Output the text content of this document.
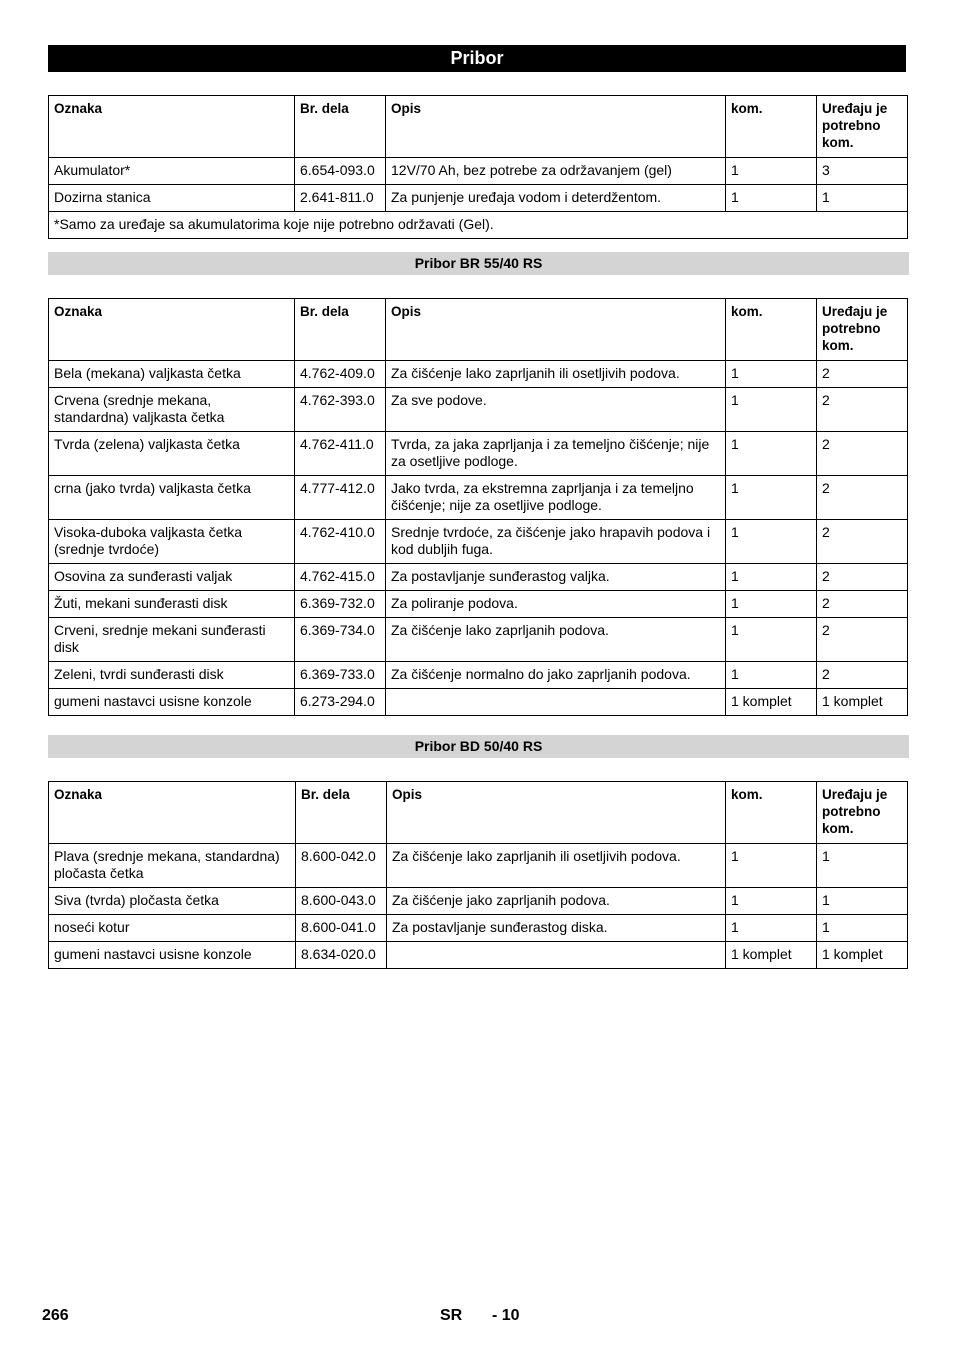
Pribor
Oznaka	Br. dela	Opis	kom.	Uređaju je potrebno kom.
Akumulator*	6.654-093.0	12V/70 Ah, bez potrebe za održavanjem (gel)	1	3
Dozirna stanica	2.641-811.0	Za punjenje uređaja vodom i deterdžentom.	1	1
*Samo za uređaje sa akumulatorima koje nije potrebno održavati (Gel).				
Pribor BR 55/40 RS
Oznaka	Br. dela	Opis	kom.	Uređaju je potrebno kom.
Bela (mekana) valjkasta četka	4.762-409.0	Za čišćenje lako zaprljanih ili osetljivih podova.	1	2
Crvena (srednje mekana, standardna) valjkasta četka	4.762-393.0	Za sve podove.	1	2
Tvrda (zelena) valjkasta četka	4.762-411.0	Tvrda, za jaka zaprljanja i za temeljno čišćenje; nije za osetljive podloge.	1	2
crna (jako tvrda) valjkasta četka	4.777-412.0	Jako tvrda, za ekstremna zaprljanja i za temeljno čišćenje; nije za osetljive podloge.	1	2
Visoka-duboka valjkasta četka (srednje tvrdoće)	4.762-410.0	Srednje tvrdoće, za čišćenje jako hrapavih podova i kod dubljih fuga.	1	2
Osovina za sunđerasti valjak	4.762-415.0	Za postavljanje sunđerastog valjka.	1	2
Žuti, mekani sunđerasti disk	6.369-732.0	Za poliranje podova.	1	2
Crveni, srednje mekani sunđerasti disk	6.369-734.0	Za čišćenje lako zaprljanih podova.	1	2
Zeleni, tvrdi sunđerasti disk	6.369-733.0	Za čišćenje normalno do jako zaprljanih podova.	1	2
gumeni nastavci usisne konzole	6.273-294.0		1 komplet	1 komplet
Pribor BD 50/40 RS
Oznaka	Br. dela	Opis	kom.	Uređaju je potrebno kom.
Plava (srednje mekana, standardna) pločasta četka	8.600-042.0	Za čišćenje lako zaprljanih ili osetljivih podova.	1	1
Siva (tvrda) pločasta četka	8.600-043.0	Za čišćenje jako zaprljanih podova.	1	1
noseći kotur	8.600-041.0	Za postavljanje sunđerastog diska.	1	1
gumeni nastavci usisne konzole	8.634-020.0		1 komplet	1 komplet
266	SR - 10
